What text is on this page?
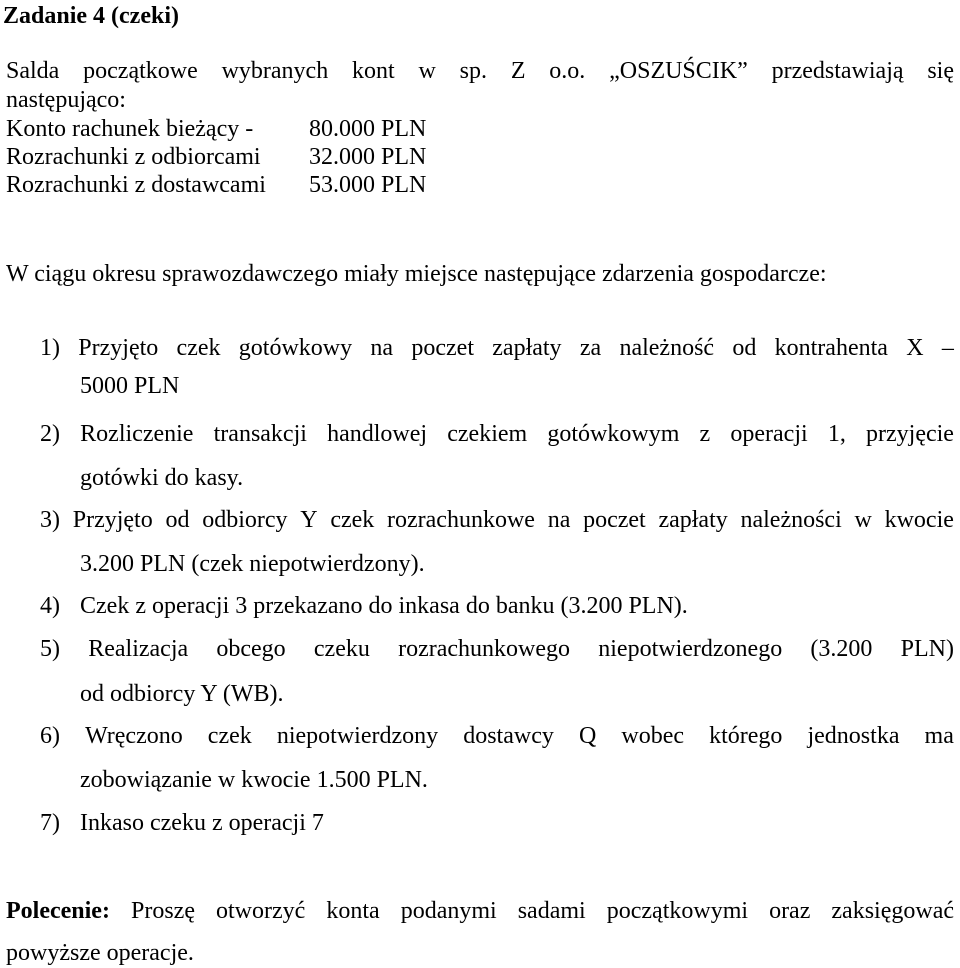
Zadanie 4 (czeki)
Salda początkowe wybranych kont w sp. Z o.o. „OSZUŚCIK” przedstawiają się
następująco:
Konto rachunek bieżący - 80.000 PLN
Rozrachunki z odbiorcami 32.000 PLN
Rozrachunki z dostawcami 53.000 PLN
W ciągu okresu sprawozdawczego miały miejsce następujące zdarzenia gospodarcze:
1) Przyjęto czek gotówkowy na poczet zapłaty za należność od kontrahenta X –
5000 PLN
2) Rozliczenie transakcji handlowej czekiem gotówkowym z operacji 1, przyjęcie
gotówki do kasy.
3) Przyjęto od odbiorcy Y czek rozrachunkowe na poczet zapłaty należności w kwocie
3.200 PLN (czek niepotwierdzony).
4) Czek z operacji 3 przekazano do inkasa do banku (3.200 PLN).
5) Realizacja obcego czeku rozrachunkowego niepotwierdzonego (3.200 PLN)
od odbiorcy Y (WB).
6) Wręczono czek niepotwierdzony dostawcy Q wobec którego jednostka ma
zobowiązanie w kwocie 1.500 PLN.
7) Inkaso czeku z operacji 7
Polecenie: Proszę otworzyć konta podanymi sadami początkowymi oraz zaksięgować
powyższe operacje.
